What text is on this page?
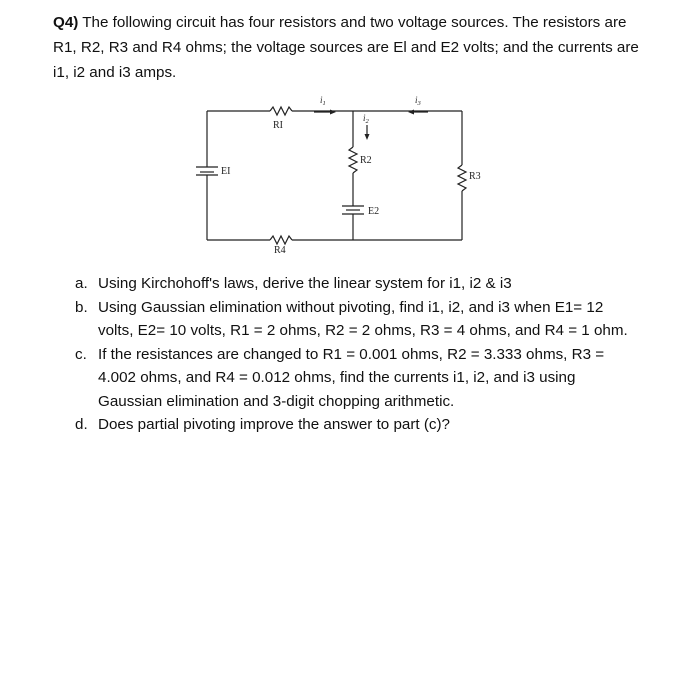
Q4) The following circuit has four resistors and two voltage sources. The resistors are R1, R2, R3 and R4 ohms; the voltage sources are El and E2 volts; and the currents are i1, i2 and i3 amps.
RI
R4
R2
R3
EI
E2
$i_1$
$i_2$
$i_3$
a. Using Kirchohoff's laws, derive the linear system for i1, i2 & i3
b. Using Gaussian elimination without pivoting, find i1, i2, and i3 when E1= 12 volts, E2= 10 volts, R1 = 2 ohms, R2 = 2 ohms, R3 = 4 ohms, and R4 = 1 ohm.
c. If the resistances are changed to R1 = 0.001 ohms, R2 = 3.333 ohms, R3 = 4.002 ohms, and R4 = 0.012 ohms, find the currents i1, i2, and i3 using Gaussian elimination and 3-digit chopping arithmetic.
d. Does partial pivoting improve the answer to part (c)?
